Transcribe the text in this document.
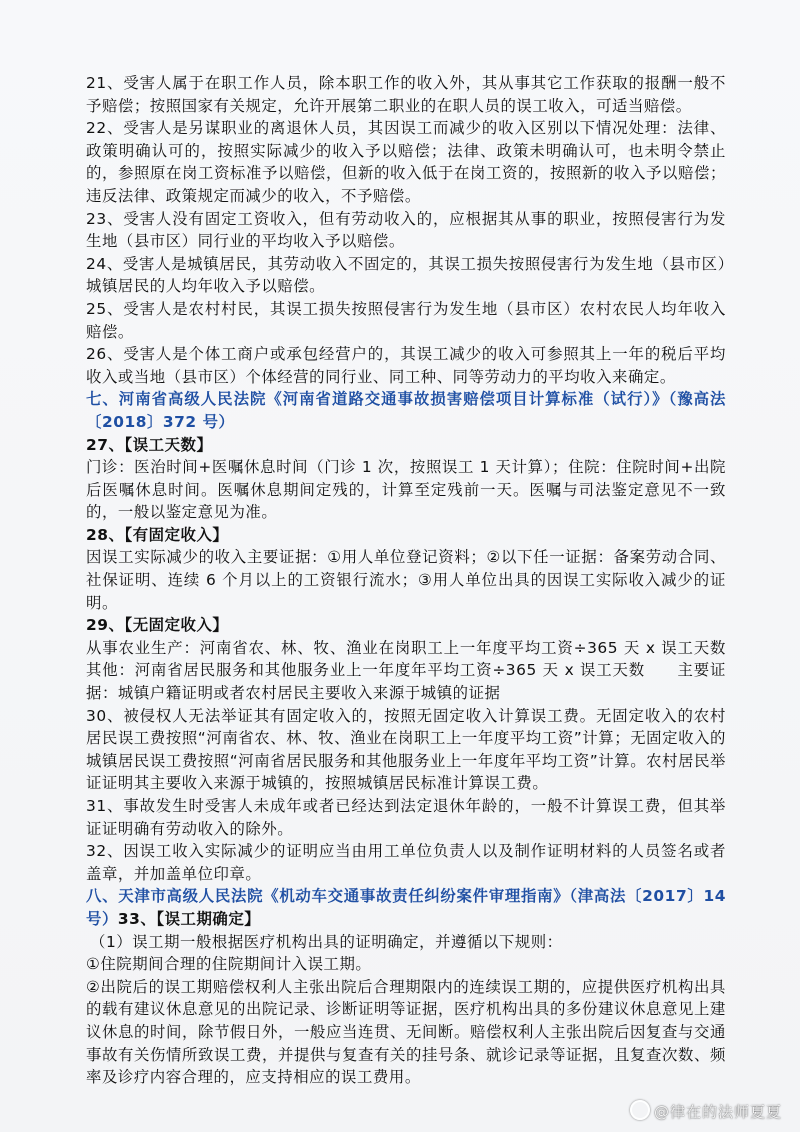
21、受害人属于在职工作人员，除本职工作的收入外，其从事其它工作获取的报酬一般不予赔偿；按照国家有关规定，允许开展第二职业的在职人员的误工收入，可适当赔偿。

22、受害人是另谋职业的离退休人员，其因误工而减少的收入区别以下情况处理：法律、政策明确认可的，按照实际减少的收入予以赔偿；法律、政策未明确认可，也未明令禁止的，参照原在岗工资标准予以赔偿，但新的收入低于在岗工资的，按照新的收入予以赔偿；违反法律、政策规定而减少的收入，不予赔偿。

23、受害人没有固定工资收入，但有劳动收入的，应根据其从事的职业，按照侵害行为发生地（县市区）同行业的平均收入予以赔偿。

24、受害人是城镇居民，其劳动收入不固定的，其误工损失按照侵害行为发生地（县市区）城镇居民的人均年收入予以赔偿。

25、受害人是农村村民，其误工损失按照侵害行为发生地（县市区）农村农民人均年收入赔偿。

26、受害人是个体工商户或承包经营户的，其误工减少的收入可参照其上一年的税后平均收入或当地（县市区）个体经营的同行业、同工种、同等劳动力的平均收入来确定。

七、河南省高级人民法院《河南省道路交通事故损害赔偿项目计算标准（试行）》（豫高法〔2018〕372 号）

27、【误工天数】

门诊：医治时间+医嘱休息时间（门诊 1 次，按照误工 1 天计算）；住院：住院时间+出院后医嘱休息时间。医嘱休息期间定残的，计算至定残前一天。医嘱与司法鉴定意见不一致的，一般以鉴定意见为准。

28、【有固定收入】

因误工实际减少的收入主要证据：①用人单位登记资料；②以下任一证据：备案劳动合同、社保证明、连续 6 个月以上的工资银行流水；③用人单位出具的因误工实际收入减少的证明。

29、【无固定收入】

从事农业生产：河南省农、林、牧、渔业在岗职工上一年度平均工资÷365 天 x 误工天数其他：河南省居民服务和其他服务业上一年度年平均工资÷365 天 x 误工天数　　主要证据：城镇户籍证明或者农村居民主要收入来源于城镇的证据

30、被侵权人无法举证其有固定收入的，按照无固定收入计算误工费。无固定收入的农村居民误工费按照“河南省农、林、牧、渔业在岗职工上一年度平均工资”计算；无固定收入的城镇居民误工费按照“河南省居民服务和其他服务业上一年度年平均工资”计算。农村居民举证证明其主要收入来源于城镇的，按照城镇居民标准计算误工费。

31、事故发生时受害人未成年或者已经达到法定退休年龄的，一般不计算误工费，但其举证证明确有劳动收入的除外。

32、因误工收入实际减少的证明应当由用工单位负责人以及制作证明材料的人员签名或者盖章，并加盖单位印章。

八、天津市高级人民法院《机动车交通事故责任纠纷案件审理指南》（津高法〔2017〕14 号）33、【误工期确定】

（1）误工期一般根据医疗机构出具的证明确定，并遵循以下规则：

①住院期间合理的住院期间计入误工期。

②出院后的误工期赔偿权利人主张出院后合理期限内的连续误工期的，应提供医疗机构出具的载有建议休息意见的出院记录、诊断证明等证据，医疗机构出具的多份建议休息意见上建议休息的时间，除节假日外，一般应当连贯、无间断。赔偿权利人主张出院后因复查与交通事故有关伤情所致误工费，并提供与复查有关的挂号条、就诊记录等证据，且复查次数、频率及诊疗内容合理的，应支持相应的误工费用。

@律在的法师夏夏
